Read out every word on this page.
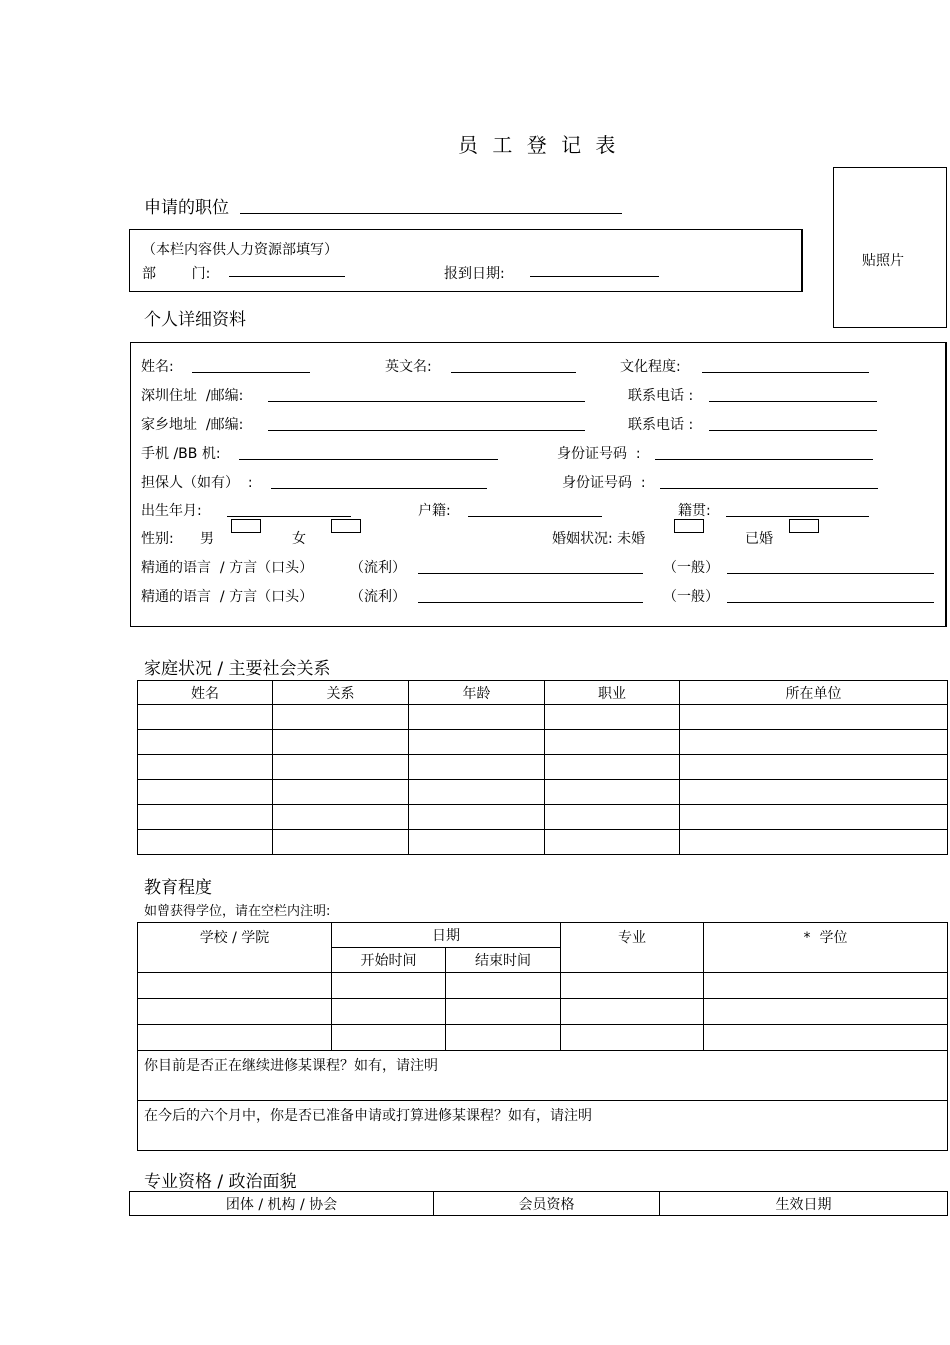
员 工 登 记 表
贴照片
申请的职位
（本栏内容供人力资源部填写）
部        门:	报到日期:
个人详细资料
姓名:	英文名:	文化程度:
深圳住址  /邮编:	联系电话 :
家乡地址  /邮编:	联系电话 :
手机 /BB 机:	身份证号码  :
担保人（如有）  :	身份证号码  :
出生年月:	户籍:	籍贯:
性别: 男	女	婚姻状况: 未婚	已婚
精通的语言  / 方言（口头）	（流利）	（一般）
精通的语言  / 方言（口头）	（流利）	（一般）
家庭状况 / 主要社会关系
姓名	关系	年龄	职业	所在单位

教育程度
如曾获得学位，请在空栏内注明:
学校 / 学院	日期		专业	*  学位
	开始时间	结束时间		

你目前是否正在继续进修某课程？如有，请注明				
在今后的六个月中，你是否已准备申请或打算进修某课程？如有，请注明				
专业资格 / 政治面貌
团体 / 机构 / 协会	会员资格	生效日期
